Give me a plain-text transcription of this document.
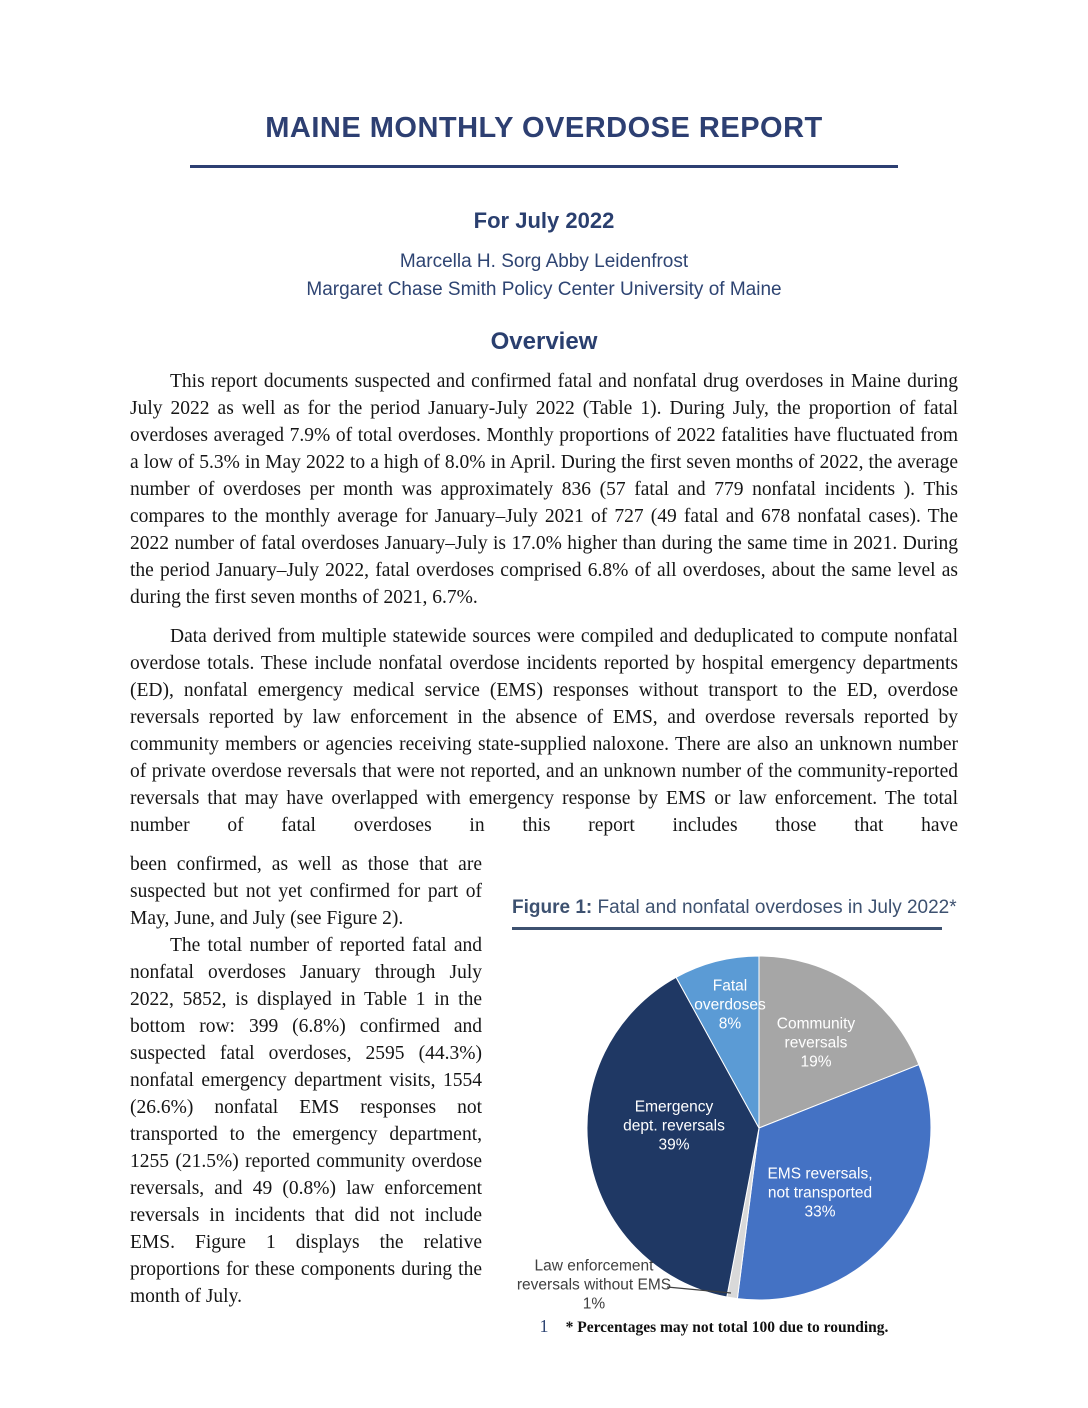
MAINE MONTHLY OVERDOSE REPORT
For July 2022

Marcella H. Sorg Abby Leidenfrost

Margaret Chase Smith Policy Center University of Maine

Overview

This report documents suspected and confirmed fatal and nonfatal drug overdoses in Maine during July 2022 as well as for the period January-July 2022 (Table 1). During July, the proportion of fatal overdoses averaged 7.9% of total overdoses. Monthly proportions of 2022 fatalities have fluctuated from a low of 5.3% in May 2022 to a high of 8.0% in April. During the first seven months of 2022, the average number of overdoses per month was approximately 836 (57 fatal and 779 nonfatal incidents ). This compares to the monthly average for January–July 2021 of 727 (49 fatal and 678 nonfatal cases). The 2022 number of fatal overdoses January–July is 17.0% higher than during the same time in 2021. During the period January–July 2022, fatal overdoses comprised 6.8% of all overdoses, about the same level as during the first seven months of 2021, 6.7%.

Data derived from multiple statewide sources were compiled and deduplicated to compute nonfatal overdose totals. These include nonfatal overdose incidents reported by hospital emergency departments (ED), nonfatal emergency medical service (EMS) responses without transport to the ED, overdose reversals reported by law enforcement in the absence of EMS, and overdose reversals reported by community members or agencies receiving state-supplied naloxone. There are also an unknown number of private overdose reversals that were not reported, and an unknown number of the community-reported reversals that may have overlapped with emergency response by EMS or law enforcement. The total number of fatal overdoses in this report includes those that have

been confirmed, as well as those that are suspected but not yet confirmed for part of May, June, and July (see Figure 2).

The total number of reported fatal and nonfatal overdoses January through July 2022, 5852, is displayed in Table 1 in the bottom row: 399 (6.8%) confirmed and suspected fatal overdoses, 2595 (44.3%) nonfatal emergency department visits, 1554 (26.6%) nonfatal EMS responses not transported to the emergency department, 1255 (21.5%) reported community overdose reversals, and 49 (0.8%) law enforcement reversals in incidents that did not include EMS. Figure 1 displays the relative proportions for these components during the month of July.

Figure 1: Fatal and nonfatal overdoses in July 2022*
Community
reversals
19%
EMS reversals,
not transported
33%
Law enforcement
reversals without EMS
1%
Emergency
dept. reversals
39%
Fatal
overdoses
8%

* Percentages may not total 100 due to rounding.

1
